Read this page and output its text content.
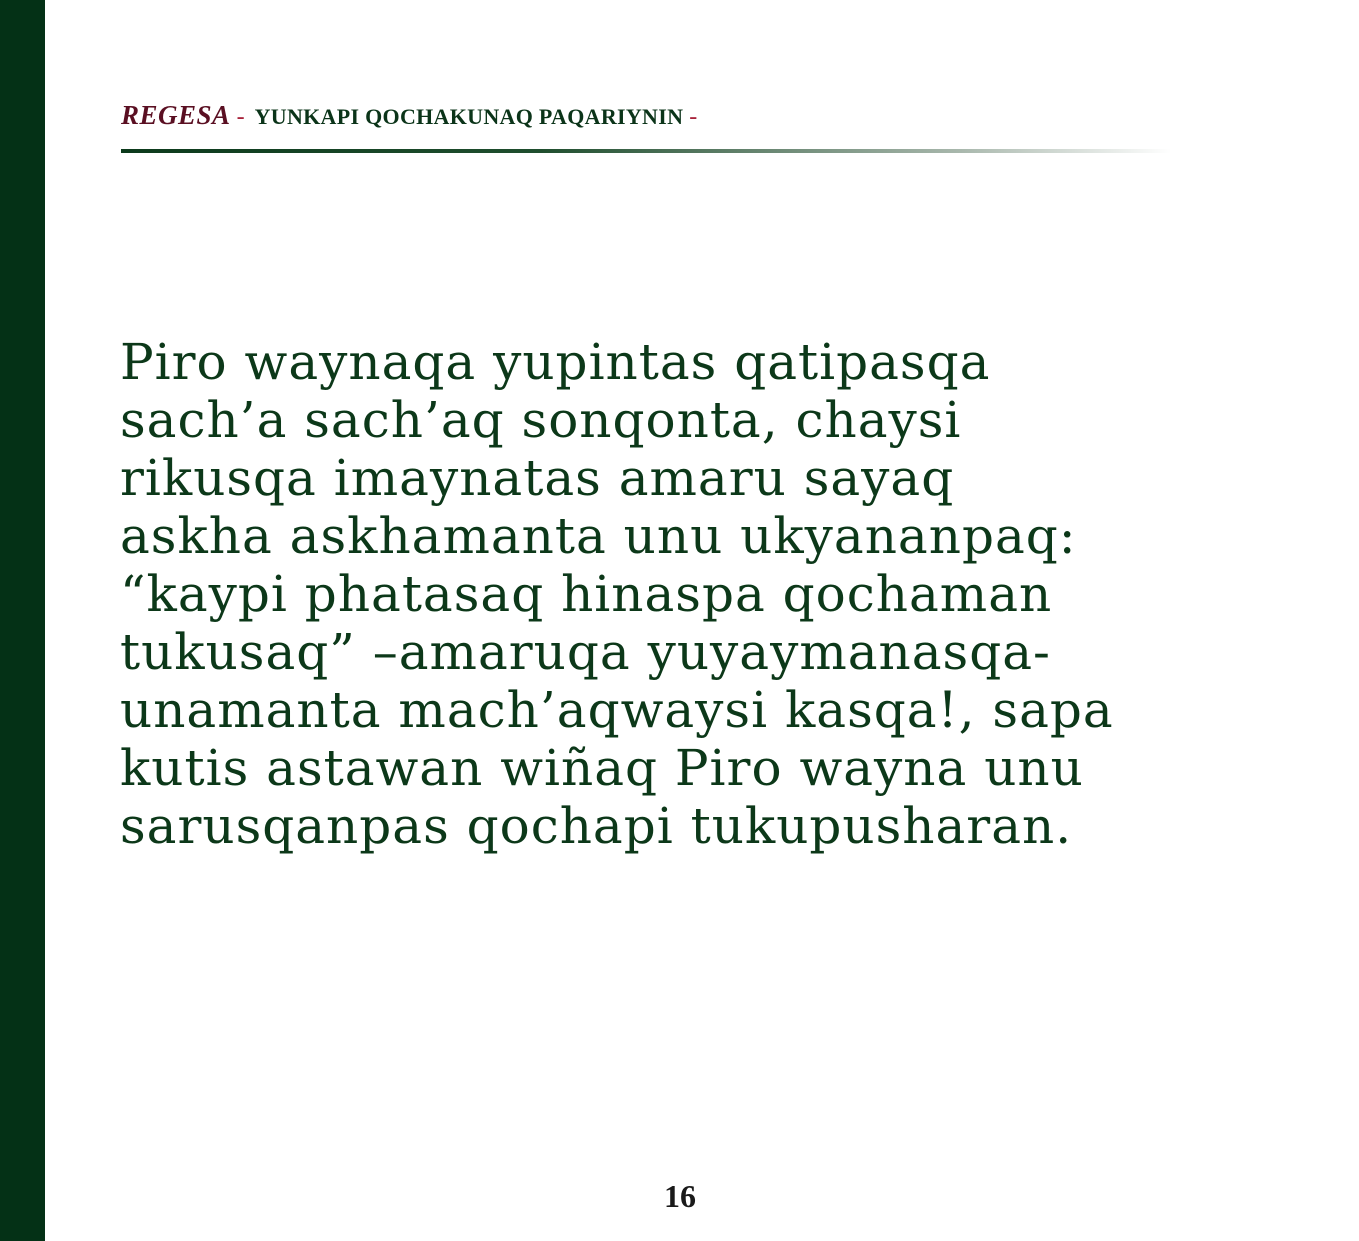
REGESA - YUNKAPI QOCHAKUNAQ PAQARIYNIN -

Piro waynaqa yupintas qatipasqa
sach’a sach’aq sonqonta, chaysi
rikusqa imaynatas amaru sayaq
askha askhamanta unu ukyananpaq:
“kaypi phatasaq hinaspa qochaman
tukusaq” –amaruqa yuyaymanasqa-
unamanta mach’aqwaysi kasqa!, sapa
kutis astawan wiñaq Piro wayna unu
sarusqanpas qochapi tukupusharan.

16
